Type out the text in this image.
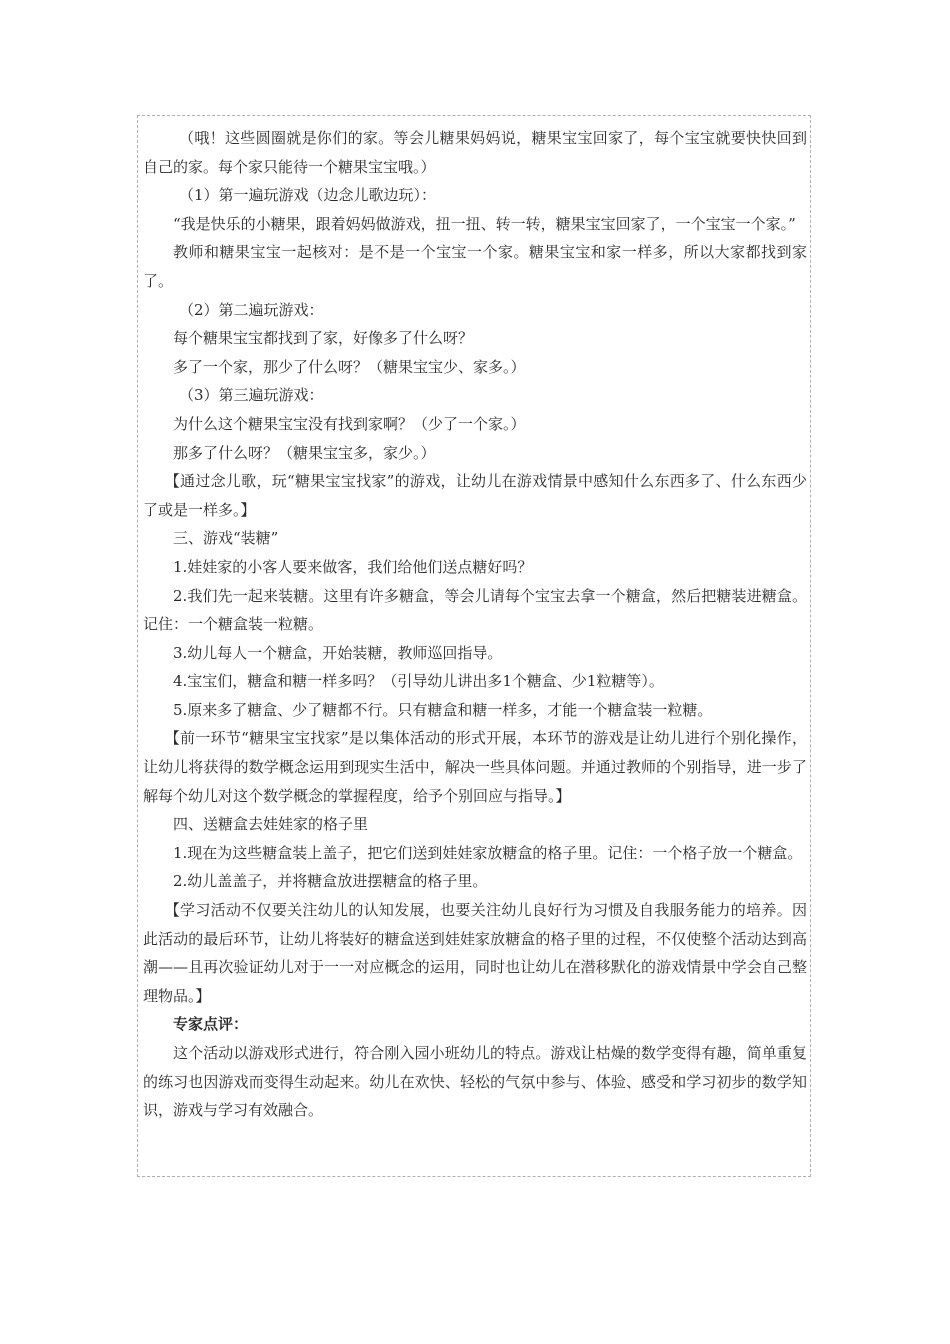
（哦！这些圆圈就是你们的家。等会儿糖果妈妈说，糖果宝宝回家了，每个宝宝就要快快回到自己的家。每个家只能待一个糖果宝宝哦。）

（1）第一遍玩游戏（边念儿歌边玩）：

“我是快乐的小糖果，跟着妈妈做游戏，扭一扭、转一转，糖果宝宝回家了，一个宝宝一个家。”

教师和糖果宝宝一起核对：是不是一个宝宝一个家。糖果宝宝和家一样多，所以大家都找到家了。

（2）第二遍玩游戏：

每个糖果宝宝都找到了家，好像多了什么呀？

多了一个家，那少了什么呀？（糖果宝宝少、家多。）

（3）第三遍玩游戏：

为什么这个糖果宝宝没有找到家啊？（少了一个家。）

那多了什么呀？（糖果宝宝多，家少。）

【通过念儿歌，玩“糖果宝宝找家”的游戏，让幼儿在游戏情景中感知什么东西多了、什么东西少了或是一样多。】

三、游戏“装糖”

1.娃娃家的小客人要来做客，我们给他们送点糖好吗？

2.我们先一起来装糖。这里有许多糖盒，等会儿请每个宝宝去拿一个糖盒，然后把糖装进糖盒。记住：一个糖盒装一粒糖。

3.幼儿每人一个糖盒，开始装糖，教师巡回指导。

4.宝宝们，糖盒和糖一样多吗？（引导幼儿讲出多1个糖盒、少1粒糖等）。

5.原来多了糖盒、少了糖都不行。只有糖盒和糖一样多，才能一个糖盒装一粒糖。

【前一环节“糖果宝宝找家”是以集体活动的形式开展，本环节的游戏是让幼儿进行个别化操作，让幼儿将获得的数学概念运用到现实生活中，解决一些具体问题。并通过教师的个别指导，进一步了解每个幼儿对这个数学概念的掌握程度，给予个别回应与指导。】

四、送糖盒去娃娃家的格子里

1.现在为这些糖盒装上盖子，把它们送到娃娃家放糖盒的格子里。记住：一个格子放一个糖盒。

2.幼儿盖盖子，并将糖盒放进摆糖盒的格子里。

【学习活动不仅要关注幼儿的认知发展，也要关注幼儿良好行为习惯及自我服务能力的培养。因此活动的最后环节，让幼儿将装好的糖盒送到娃娃家放糖盒的格子里的过程，不仅使整个活动达到高潮——且再次验证幼儿对于一一对应概念的运用，同时也让幼儿在潜移默化的游戏情景中学会自己整理物品。】

专家点评：

这个活动以游戏形式进行，符合刚入园小班幼儿的特点。游戏让枯燥的数学变得有趣，简单重复的练习也因游戏而变得生动起来。幼儿在欢快、轻松的气氛中参与、体验、感受和学习初步的数学知识，游戏与学习有效融合。
